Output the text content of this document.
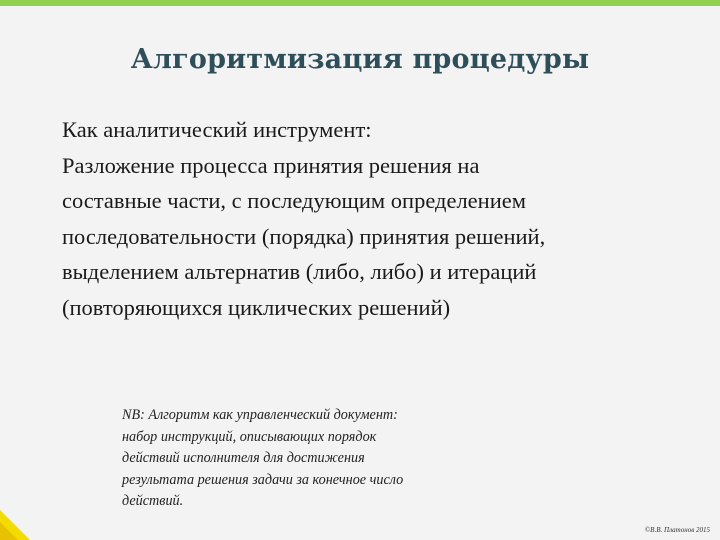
Алгоритмизация процедуры
Как аналитический инструмент:
Разложение процесса принятия решения на
составные части, с последующим определением
последовательности (порядка) принятия решений,
выделением альтернатив (либо, либо) и итераций
(повторяющихся циклических решений)
NB: Алгоритм как управленческий документ:
набор инструкций, описывающих порядок
действий исполнителя для достижения
результата решения задачи за конечное число
действий.
©В.В. Платонов 2015
